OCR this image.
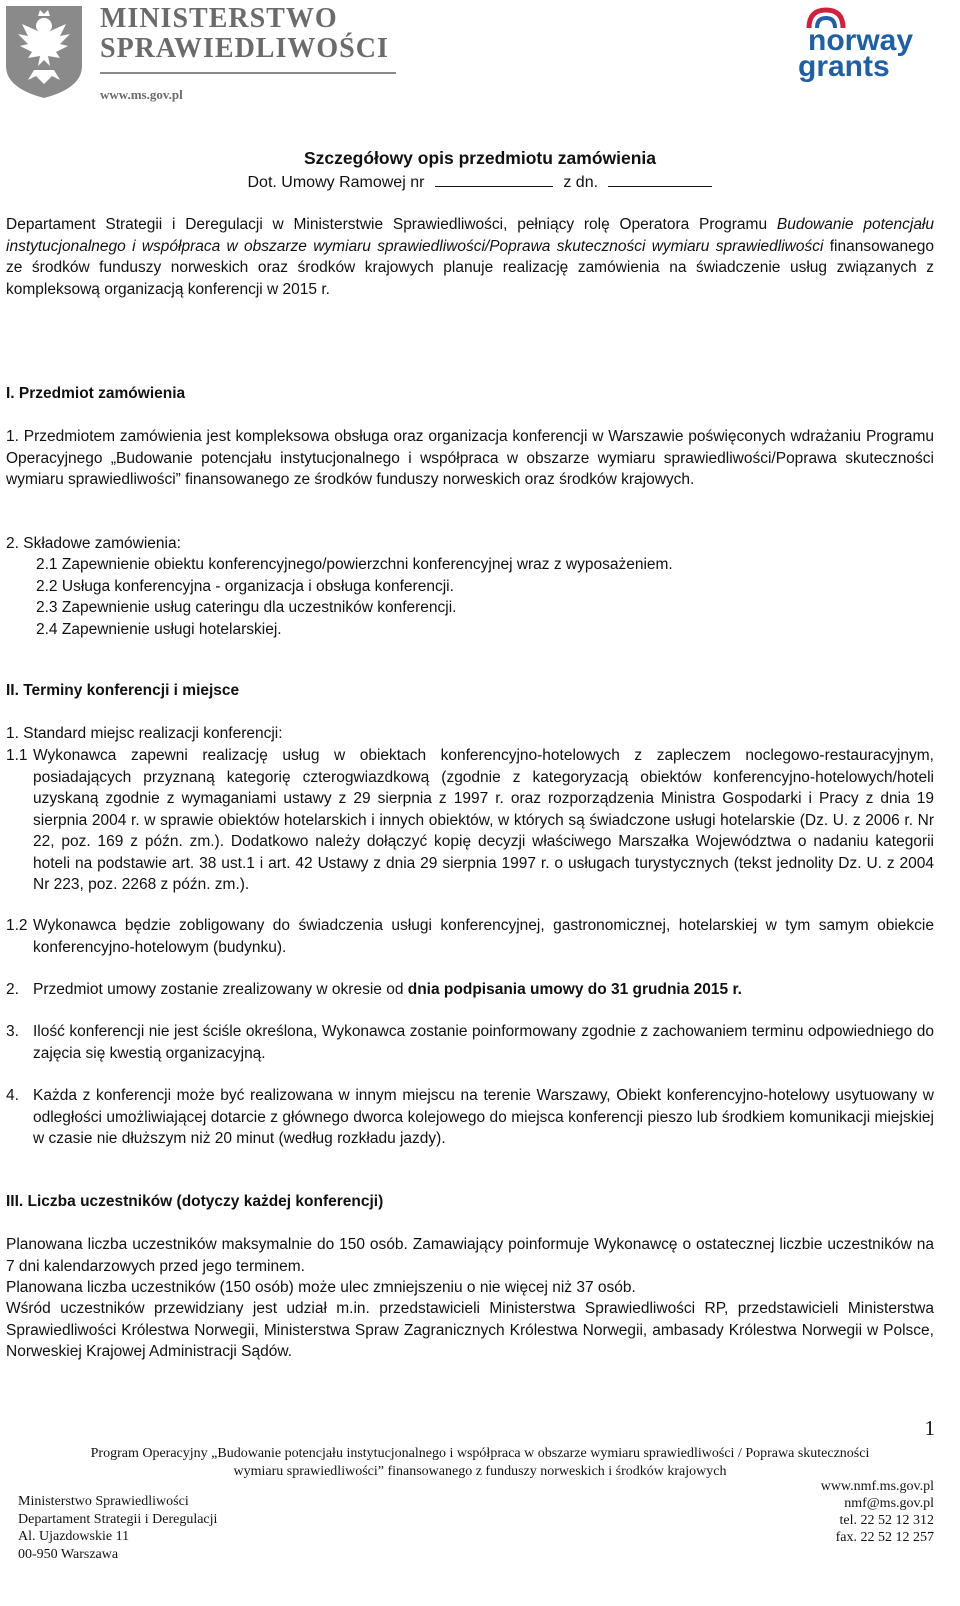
MINISTERSTWO
SPRAWIEDLIWOŚCI
www.ms.gov.pl
norway
grants
Szczegółowy opis przedmiotu zamówienia
Dot. Umowy Ramowej nr	z dn.
Departament Strategii i Deregulacji w Ministerstwie Sprawiedliwości, pełniący rolę Operatora Programu Budowanie potencjału instytucjonalnego i współpraca w obszarze wymiaru sprawiedliwości/Poprawa skuteczności wymiaru sprawiedliwości finansowanego ze środków funduszy norweskich oraz środków krajowych planuje realizację zamówienia na świadczenie usług związanych z kompleksową organizacją konferencji w 2015 r.
I. Przedmiot zamówienia
1. Przedmiotem zamówienia jest kompleksowa obsługa oraz organizacja konferencji w Warszawie poświęconych wdrażaniu Programu Operacyjnego „Budowanie potencjału instytucjonalnego i współpraca w obszarze wymiaru sprawiedliwości/Poprawa skuteczności wymiaru sprawiedliwości” finansowanego ze środków funduszy norweskich oraz środków krajowych.
2. Składowe zamówienia:
2.1 Zapewnienie obiektu konferencyjnego/powierzchni konferencyjnej wraz z wyposażeniem.
2.2 Usługa konferencyjna - organizacja i obsługa konferencji.
2.3 Zapewnienie usług cateringu dla uczestników konferencji.
2.4 Zapewnienie usługi hotelarskiej.
II. Terminy konferencji i miejsce
1. Standard miejsc realizacji konferencji:
1.1 Wykonawca zapewni realizację usług w obiektach konferencyjno-hotelowych z zapleczem noclegowo-restauracyjnym, posiadających przyznaną kategorię czterogwiazdkową (zgodnie z kategoryzacją obiektów konferencyjno-hotelowych/hoteli uzyskaną zgodnie z wymaganiami ustawy z 29 sierpnia z 1997 r. oraz rozporządzenia Ministra Gospodarki i Pracy z dnia 19 sierpnia 2004 r. w sprawie obiektów hotelarskich i innych obiektów, w których są świadczone usługi hotelarskie (Dz. U. z 2006 r. Nr 22, poz. 169 z późn. zm.). Dodatkowo należy dołączyć kopię decyzji właściwego Marszałka Województwa o nadaniu kategorii hoteli na podstawie art. 38 ust.1 i art. 42 Ustawy z dnia 29 sierpnia 1997 r. o usługach turystycznych (tekst jednolity Dz. U. z 2004 Nr 223, poz. 2268 z późn. zm.).
1.2 Wykonawca będzie zobligowany do świadczenia usługi konferencyjnej, gastronomicznej, hotelarskiej w tym samym obiekcie konferencyjno-hotelowym (budynku).
2. Przedmiot umowy zostanie zrealizowany w okresie od dnia podpisania umowy do 31 grudnia 2015 r.
3. Ilość konferencji nie jest ściśle określona, Wykonawca zostanie poinformowany zgodnie z zachowaniem terminu odpowiedniego do zajęcia się kwestią organizacyjną.
4. Każda z konferencji może być realizowana w innym miejscu na terenie Warszawy, Obiekt konferencyjno-hotelowy usytuowany w odległości umożliwiającej dotarcie z głównego dworca kolejowego do miejsca konferencji pieszo lub środkiem komunikacji miejskiej w czasie nie dłuższym niż 20 minut (według rozkładu jazdy).
III. Liczba uczestników (dotyczy każdej konferencji)
Planowana liczba uczestników maksymalnie do 150 osób. Zamawiający poinformuje Wykonawcę o ostatecznej liczbie uczestników na 7 dni kalendarzowych przed jego terminem.
Planowana liczba uczestników (150 osób) może ulec zmniejszeniu o nie więcej niż 37 osób.
Wśród uczestników przewidziany jest udział m.in. przedstawicieli Ministerstwa Sprawiedliwości RP, przedstawicieli Ministerstwa Sprawiedliwości Królestwa Norwegii, Ministerstwa Spraw Zagranicznych Królestwa Norwegii, ambasady Królestwa Norwegii w Polsce, Norweskiej Krajowej Administracji Sądów.
1
Program Operacyjny „Budowanie potencjału instytucjonalnego i współpraca w obszarze wymiaru sprawiedliwości / Poprawa skuteczności
wymiaru sprawiedliwości” finansowanego z funduszy norweskich i środków krajowych
Ministerstwo Sprawiedliwości
Departament Strategii i Deregulacji
Al. Ujazdowskie 11
00-950 Warszawa
www.nmf.ms.gov.pl
nmf@ms.gov.pl
tel. 22 52 12 312
fax. 22 52 12 257
